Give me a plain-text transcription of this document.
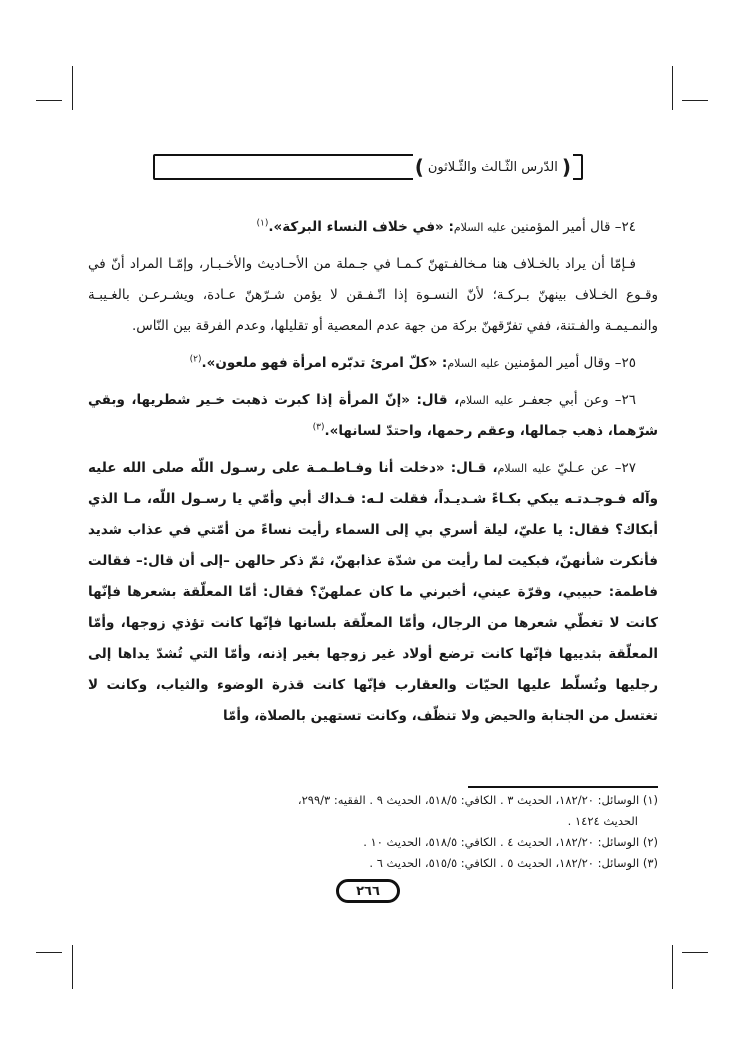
(
الدّرس الثّـالث والثّـلاثون
)

٢٤– قال أمير المؤمنين عليه السلام: «في خلاف النساء البركة».$^{(١)}$

فـإمّا أن يراد بالخـلاف هنا مـخالفـتهنّ كـمـا في جـملة من الأحـاديث والأخـبـار، وإمّـا المراد أنّ في وقـوع الخـلاف بينهنّ بـركـة؛ لأنّ النسـوة إذا اتّـفـقن لا يؤمن شـرّهنّ عـادة، ويشـرعـن بالغـيبـة والنمـيمـة والفـتنة، ففي تفرّقهنّ بركة من جهة عدم المعصية أو تقليلها، وعدم الفرقة بين النّاس.

٢٥– وقال أمير المؤمنين عليه السلام: «كلّ امرئ تدبّره امرأة فهو ملعون».$^{(٢)}$

٢٦– وعن أبي جعفـر عليه السلام، قال: «إنّ المرأة إذا كبرت ذهبت خـير شطريها، وبقي شرّهما، ذهب جمالها، وعقم رحمها، واحتدّ لسانها».$^{(٣)}$

٢٧– عن عـليّ عليه السلام، قـال: «دخلت أنا وفـاطـمـة على رسـول اللّه صلى الله عليه وآله فـوجـدتـه يبكي بكـاءً شـديـداً، فقلت لـه: فـداك أبي وأمّي يا رسـول اللّه، مـا الذي أبكاك؟ فقال: يا عليّ، ليلة أسري بي إلى السماء رأيت نساءً من أمّتي في عذاب شديد فأنكرت شأنهنّ، فبكيت لما رأيت من شدّة عذابهنّ، ثمّ ذكر حالهن –إلى أن قال:– فقالت فاطمة: حبيبي، وقرّة عيني، أخبرني ما كان عملهنّ؟ فقال: أمّا المعلّقة بشعرها فإنّها كانت لا تغطّي شعرها من الرجال، وأمّا المعلّقة بلسانها فإنّها كانت تؤذي زوجها، وأمّا المعلّقة بثدييها فإنّها كانت ترضع أولاد غير زوجها بغير إذنه، وأمّا التي تُشدّ يداها إلى رجليها وتُسلّط عليها الحيّات والعقارب فإنّها كانت قذرة الوضوء والثياب، وكانت لا تغتسل من الجنابة والحيض ولا تنظّف، وكانت تستهين بالصلاة، وأمّا

(١) الوسائل: ١٨٢/٢٠، الحديث ٣ . الكافي: ٥١٨/٥، الحديث ٩ . الفقيه: ٢٩٩/٣،

الحديث ١٤٢٤ .

(٢) الوسائل: ١٨٢/٢٠، الحديث ٤ . الكافي: ٥١٨/٥، الحديث ١٠ .

(٣) الوسائل: ١٨٢/٢٠، الحديث ٥ . الكافي: ٥١٥/٥، الحديث ٦ .

٢٦٦
